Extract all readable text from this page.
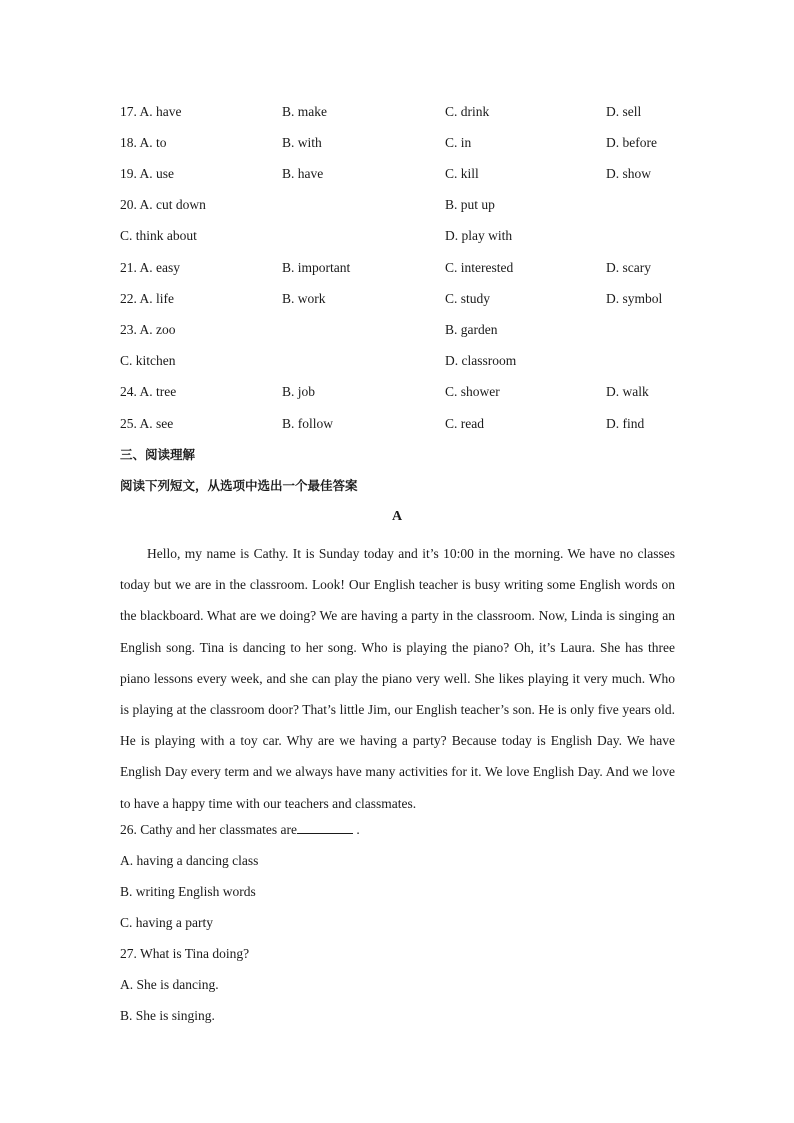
17. A. have	B. make	C. drink	D. sell
18. A. to	B. with	C. in	D. before
19. A. use	B. have	C. kill	D. show
20. A. cut down	B. put up
C. think about	D. play with
21. A. easy	B. important	C. interested	D. scary
22. A. life	B. work	C. study	D. symbol
23. A. zoo	B. garden
C. kitchen	D. classroom
24. A. tree	B. job	C. shower	D. walk
25. A. see	B. follow	C. read	D. find
三、阅读理解
阅读下列短文，从选项中选出一个最佳答案
A

Hello, my name is Cathy. It is Sunday today and it’s 10:00 in the morning. We have no classes today but we are in the classroom. Look! Our English teacher is busy writing some English words on the blackboard. What are we doing? We are having a party in the classroom. Now, Linda is singing an English song. Tina is dancing to her song. Who is playing the piano? Oh, it’s Laura. She has three piano lessons every week, and she can play the piano very well. She likes playing it very much. Who is playing at the classroom door? That’s little Jim, our English teacher’s son. He is only five years old. He is playing with a toy car. Why are we having a party? Because today is English Day. We have English Day every term and we always have many activities for it. We love English Day. And we love to have a happy time with our teachers and classmates.

26. Cathy and her classmates are	.
A. having a dancing class
B. writing English words
C. having a party
27. What is Tina doing?
A. She is dancing.
B. She is singing.
